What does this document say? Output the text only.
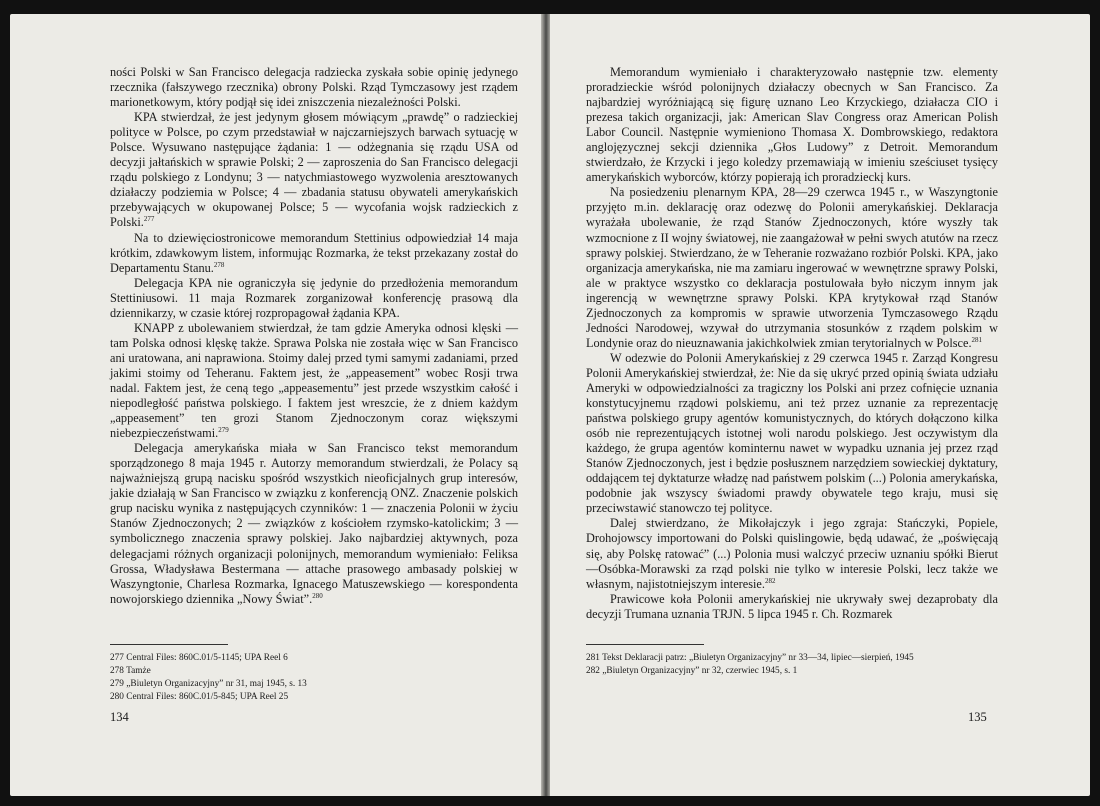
ności Polski w San Francisco delegacja radziecka zyskała sobie opinię jedynego rzecznika (fałszywego rzecznika) obrony Polski. Rząd Tymczasowy jest rządem marionetkowym, który podjął się idei zniszczenia niezależności Polski.

KPA stwierdzał, że jest jedynym głosem mówiącym „prawdę” o radzieckiej polityce w Polsce, po czym przedstawiał w najczarniejszych barwach sytuację w Polsce. Wysuwano następujące żądania: 1 — odżegnania się rządu USA od decyzji jałtańskich w sprawie Polski; 2 — zaproszenia do San Francisco delegacji rządu polskiego z Londynu; 3 — natychmiastowego wyzwolenia aresztowanych działaczy podziemia w Polsce; 4 — zbadania statusu obywateli amerykańskich przebywających w okupowanej Polsce; 5 — wycofania wojsk radzieckich z Polski.$^{277}$

Na to dziewięciostronicowe memorandum Stettinius odpowiedział 14 maja krótkim, zdawkowym listem, informując Rozmarka, że tekst przekazany został do Departamentu Stanu.$^{278}$

Delegacja KPA nie ograniczyła się jedynie do przedłożenia memorandum Stettiniusowi. 11 maja Rozmarek zorganizował konferencję prasową dla dziennikarzy, w czasie której rozpropagował żądania KPA.

KNAPP z ubolewaniem stwierdzał, że tam gdzie Ameryka odnosi klęski — tam Polska odnosi klęskę także. Sprawa Polska nie została więc w San Francisco ani uratowana, ani naprawiona. Stoimy dalej przed tymi samymi zadaniami, przed jakimi stoimy od Teheranu. Faktem jest, że „appeasement” wobec Rosji trwa nadal. Faktem jest, że ceną tego „appeasementu” jest przede wszystkim całość i niepodległość państwa polskiego. I faktem jest wreszcie, że z dniem każdym „appeasement” ten grozi Stanom Zjednoczonym coraz większymi niebezpieczeństwami.$^{279}$

Delegacja amerykańska miała w San Francisco tekst memorandum sporządzonego 8 maja 1945 r. Autorzy memorandum stwierdzali, że Polacy są najważniejszą grupą nacisku spośród wszystkich nieoficjalnych grup interesów, jakie działają w San Francisco w związku z konferencją ONZ. Znaczenie polskich grup nacisku wynika z następujących czynników: 1 — znaczenia Polonii w życiu Stanów Zjednoczonych; 2 — związków z kościołem rzymsko-katolickim; 3 — symbolicznego znaczenia sprawy polskiej. Jako najbardziej aktywnych, poza delegacjami różnych organizacji polonijnych, memorandum wymieniało: Feliksa Grossa, Władysława Bestermana — attache prasowego ambasady polskiej w Waszyngtonie, Charlesa Rozmarka, Ignacego Matuszewskiego — korespondenta nowojorskiego dziennika „Nowy Świat”.$^{280}$

277 Central Files: 860C.01/5-1145; UPA Reel 6

278 Tamże

279 „Biuletyn Organizacyjny” nr 31, maj 1945, s. 13

280 Central Files: 860C.01/5-845; UPA Reel 25

134

Memorandum wymieniało i charakteryzowało następnie tzw. elementy proradzieckie wśród polonijnych działaczy obecnych w San Francisco. Za najbardziej wyróżniającą się figurę uznano Leo Krzyckiego, działacza CIO i prezesa takich organizacji, jak: American Slav Congress oraz American Polish Labor Council. Następnie wymieniono Thomasa X. Dombrowskiego, redaktora anglojęzycznej sekcji dziennika „Głos Ludowy” z Detroit. Memorandum stwierdzało, że Krzycki i jego koledzy przemawiają w imieniu sześciuset tysięcy amerykańskich wyborców, którzy popierają ich proradzieckį kurs.

Na posiedzeniu plenarnym KPA, 28—29 czerwca 1945 r., w Waszyngtonie przyjęto m.in. deklarację oraz odezwę do Polonii amerykańskiej. Deklaracja wyrażała ubolewanie, że rząd Stanów Zjednoczonych, które wyszły tak wzmocnione z II wojny światowej, nie zaangażował w pełni swych atutów na rzecz sprawy polskiej. Stwierdzano, że w Teheranie rozważano rozbiór Polski. KPA, jako organizacja amerykańska, nie ma zamiaru ingerować w wewnętrzne sprawy Polski, ale w praktyce wszystko co deklaracja postulowała było niczym innym jak ingerencją w wewnętrzne sprawy Polski. KPA krytykował rząd Stanów Zjednoczonych za kompromis w sprawie utworzenia Tymczasowego Rządu Jedności Narodowej, wzywał do utrzymania stosunków z rządem polskim w Londynie oraz do nieuznawania jakichkolwiek zmian terytorialnych w Polsce.$^{281}$

W odezwie do Polonii Amerykańskiej z 29 czerwca 1945 r. Zarząd Kongresu Polonii Amerykańskiej stwierdzał, że: Nie da się ukryć przed opinią świata udziału Ameryki w odpowiedzialności za tragiczny los Polski ani przez cofnięcie uznania konstytucyjnemu rządowi polskiemu, ani też przez uznanie za reprezentację państwa polskiego grupy agentów komunistycznych, do których dołączono kilka osób nie reprezentujących istotnej woli narodu polskiego. Jest oczywistym dla każdego, że grupa agentów kominternu nawet w wypadku uznania jej przez rząd Stanów Zjednoczonych, jest i będzie posłusznem narzędziem sowieckiej dyktatury, oddającem tej dyktaturze władzę nad państwem polskim (...) Polonia amerykańska, podobnie jak wszyscy świadomi prawdy obywatele tego kraju, musi się przeciwstawić stanowczo tej polityce.

Dalej stwierdzano, że Mikołajczyk i jego zgraja: Stańczyki, Popiele, Drohojowscy importowani do Polski quislingowie, będą udawać, że „poświęcają się, aby Polskę ratować” (...) Polonia musi walczyć przeciw uznaniu spółki Bierut—Osóbka-Morawski za rząd polski nie tylko w interesie Polski, lecz także we własnym, najistotniejszym interesie.$^{282}$

Prawicowe koła Polonii amerykańskiej nie ukrywały swej dezaprobaty dla decyzji Trumana uznania TRJN. 5 lipca 1945 r. Ch. Rozmarek

281 Tekst Deklaracji patrz: „Biuletyn Organizacyjny” nr 33—34, lipiec—sierpień, 1945

282 „Biuletyn Organizacyjny” nr 32, czerwiec 1945, s. 1

135
